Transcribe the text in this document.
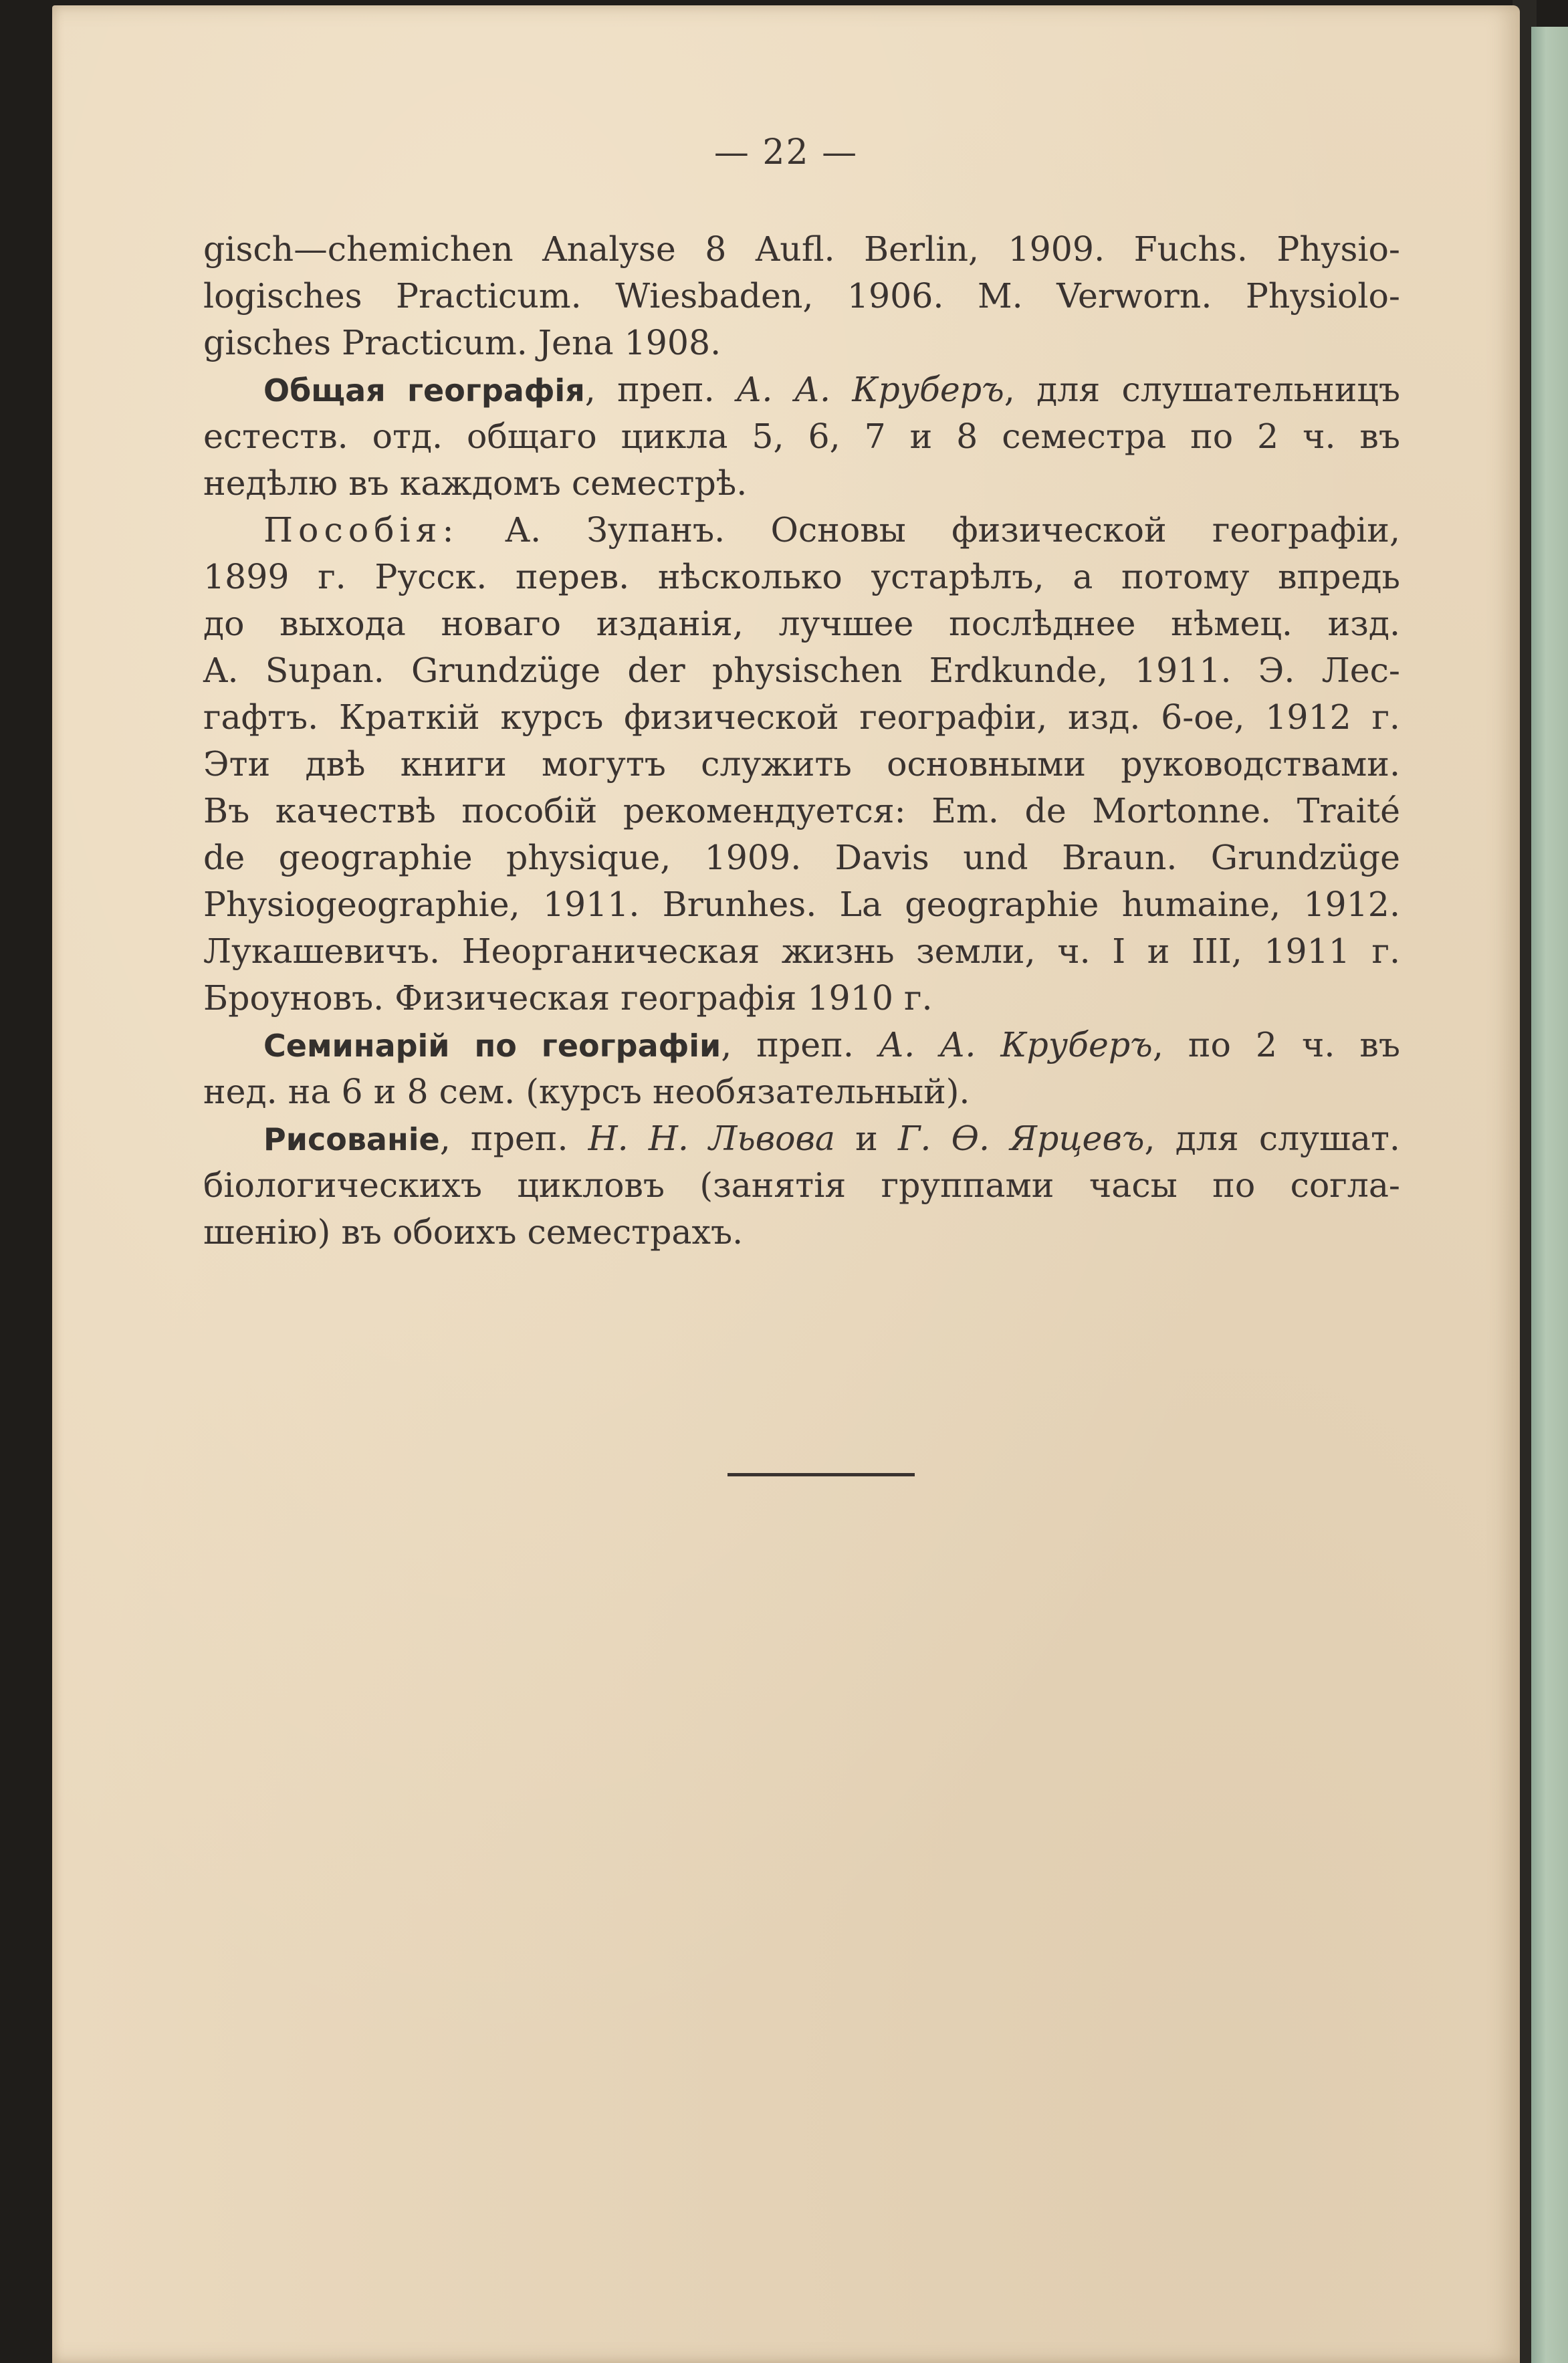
— 22 —

gisch—chemichen Analyse 8 Aufl. Berlin, 1909. Fuchs. Physio-
logisches Practicum. Wiesbaden, 1906. M. Verworn. Physiolo-
gisches Practicum. Jena 1908.

Общая географія, преп. А. А. Круберъ, для слушательницъ
естеств. отд. общаго цикла 5, 6, 7 и 8 семестра по 2 ч. въ
недѣлю въ каждомъ семестрѣ.

Пособія: А. Зупанъ. Основы физической географіи,
1899 г. Русск. перев. нѣсколько устарѣлъ, а потому впредь
до выхода новаго изданія, лучшее послѣднее нѣмец. изд.
A. Supan. Grundzüge der physischen Erdkunde, 1911. Э. Лес-
гафтъ. Краткій курсъ физической географіи, изд. 6-ое, 1912 г.
Эти двѣ книги могутъ служить основными руководствами.
Въ качествѣ пособій рекомендуется: Em. de Mortonne. Traité
de geographie physique, 1909. Davis und Braun. Grundzüge
Physiogeographie, 1911. Brunhes. La geographie humaine, 1912.
Лукашевичъ. Неорганическая жизнь земли, ч. I и III, 1911 г.
Броуновъ. Физическая географія 1910 г.

Семинарій по географіи, преп. А. А. Круберъ, по 2 ч. въ
нед. на 6 и 8 сем. (курсъ необязательный).

Рисованіе, преп. Н. Н. Львова и Г. Ѳ. Ярцевъ, для слушат.
біологическихъ цикловъ (занятія группами часы по согла-
шенію) въ обоихъ семестрахъ.
